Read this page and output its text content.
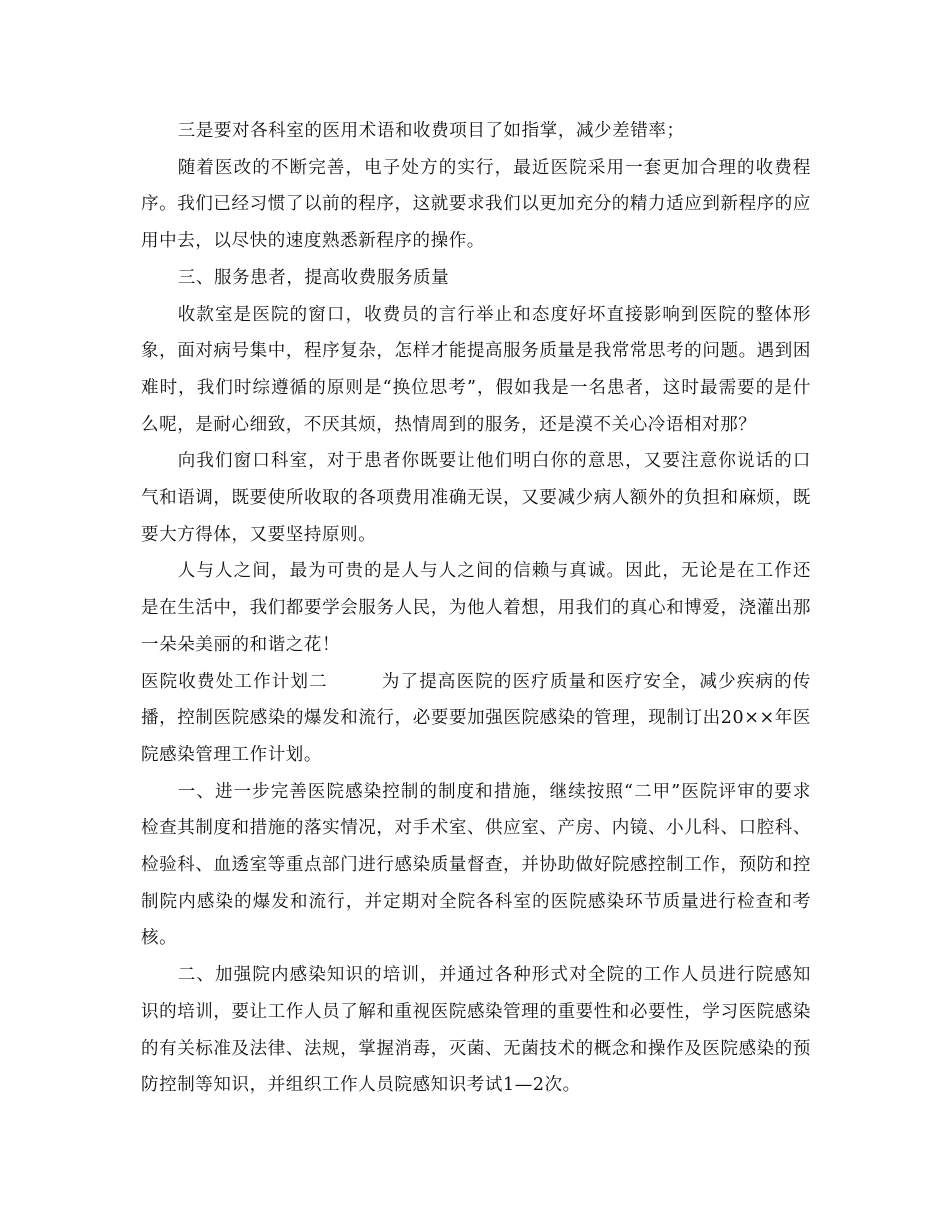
三是要对各科室的医用术语和收费项目了如指掌，减少差错率；

随着医改的不断完善，电子处方的实行，最近医院采用一套更加合理的收费程序。我们已经习惯了以前的程序，这就要求我们以更加充分的精力适应到新程序的应用中去，以尽快的速度熟悉新程序的操作。

三、服务患者，提高收费服务质量

收款室是医院的窗口，收费员的言行举止和态度好坏直接影响到医院的整体形象，面对病号集中，程序复杂，怎样才能提高服务质量是我常常思考的问题。遇到困难时，我们时综遵循的原则是“换位思考”，假如我是一名患者，这时最需要的是什么呢，是耐心细致，不厌其烦，热情周到的服务，还是漠不关心冷语相对那？

向我们窗口科室，对于患者你既要让他们明白你的意思，又要注意你说话的口气和语调，既要使所收取的各项费用准确无误，又要减少病人额外的负担和麻烦，既要大方得体，又要坚持原则。

人与人之间，最为可贵的是人与人之间的信赖与真诚。因此，无论是在工作还是在生活中，我们都要学会服务人民，为他人着想，用我们的真心和博爱，浇灌出那一朵朵美丽的和谐之花！

医院收费处工作计划二	为了提高医院的医疗质量和医疗安全，减少疾病的传播，控制医院感染的爆发和流行，必要要加强医院感染的管理，现制订出20××年医院感染管理工作计划。

一、进一步完善医院感染控制的制度和措施，继续按照“二甲”医院评审的要求检查其制度和措施的落实情况，对手术室、供应室、产房、内镜、小儿科、口腔科、检验科、血透室等重点部门进行感染质量督查，并协助做好院感控制工作，预防和控制院内感染的爆发和流行，并定期对全院各科室的医院感染环节质量进行检查和考核。

二、加强院内感染知识的培训，并通过各种形式对全院的工作人员进行院感知识的培训，要让工作人员了解和重视医院感染管理的重要性和必要性，学习医院感染的有关标准及法律、法规，掌握消毒，灭菌、无菌技术的概念和操作及医院感染的预防控制等知识，并组织工作人员院感知识考试1—2次。
